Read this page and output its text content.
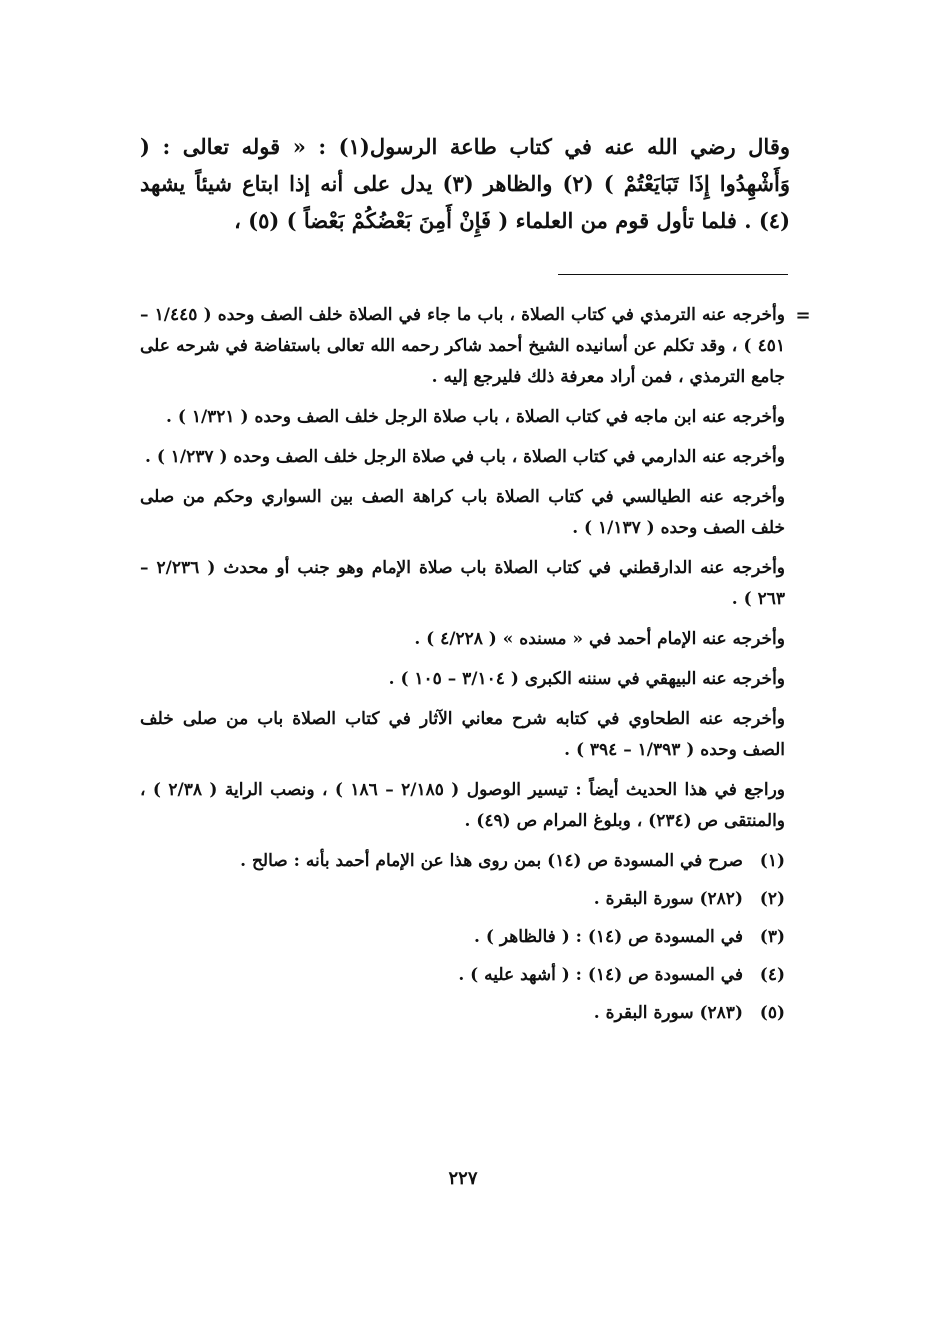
وقال رضي الله عنه في كتاب طاعة الرسول(١) : « قوله تعالى : ( وَأَشْهِدُوا إِذَا تَبَايَعْتُمْ ) (٢) والظاهر (٣) يدل على أنه إذا ابتاع شيئاً يشهد (٤) . فلما تأول قوم من العلماء ( فَإِنْ أَمِنَ بَعْضُكُمْ بَعْضاً ) (٥) ،
=

وأخرجه عنه الترمذي في كتاب الصلاة ، باب ما جاء في الصلاة خلف الصف وحده ( ١/٤٤٥ – ٤٥١ ) ، وقد تكلم عن أسانيده الشيخ أحمد شاكر رحمه الله تعالى باستفاضة في شرحه على جامع الترمذي ، فمن أراد معرفة ذلك فليرجع إليه .

وأخرجه عنه ابن ماجه في كتاب الصلاة ، باب صلاة الرجل خلف الصف وحده ( ١/٣٢١ ) .

وأخرجه عنه الدارمي في كتاب الصلاة ، باب في صلاة الرجل خلف الصف وحده ( ١/٢٣٧ ) .

وأخرجه عنه الطيالسي في كتاب الصلاة باب كراهة الصف بين السواري وحكم من صلى خلف الصف وحده ( ١/١٣٧ ) .

وأخرجه عنه الدارقطني في كتاب الصلاة باب صلاة الإمام وهو جنب أو محدث ( ٢/٢٣٦ – ٢٦٣ ) .

وأخرجه عنه الإمام أحمد في « مسنده » ( ٤/٢٢٨ ) .

وأخرجه عنه البيهقي في سننه الكبرى ( ٣/١٠٤ – ١٠٥ ) .

وأخرجه عنه الطحاوي في كتابه شرح معاني الآثار في كتاب الصلاة باب من صلى خلف الصف وحده ( ١/٣٩٣ – ٣٩٤ ) .

وراجع في هذا الحديث أيضاً : تيسير الوصول ( ٢/١٨٥ – ١٨٦ ) ، ونصب الراية ( ٢/٣٨ ) ، والمنتقى ص (٢٣٤) ، وبلوغ المرام ص (٤٩) .

(١)
صرح في المسودة ص (١٤) بمن روى هذا عن الإمام أحمد بأنه : صالح .
(٢)
(٢٨٢) سورة البقرة .
(٣)
في المسودة ص (١٤) : ( فالظاهر ) .
(٤)
في المسودة ص (١٤) : ( أشهد عليه ) .
(٥)
(٢٨٣) سورة البقرة .
٢٢٧
